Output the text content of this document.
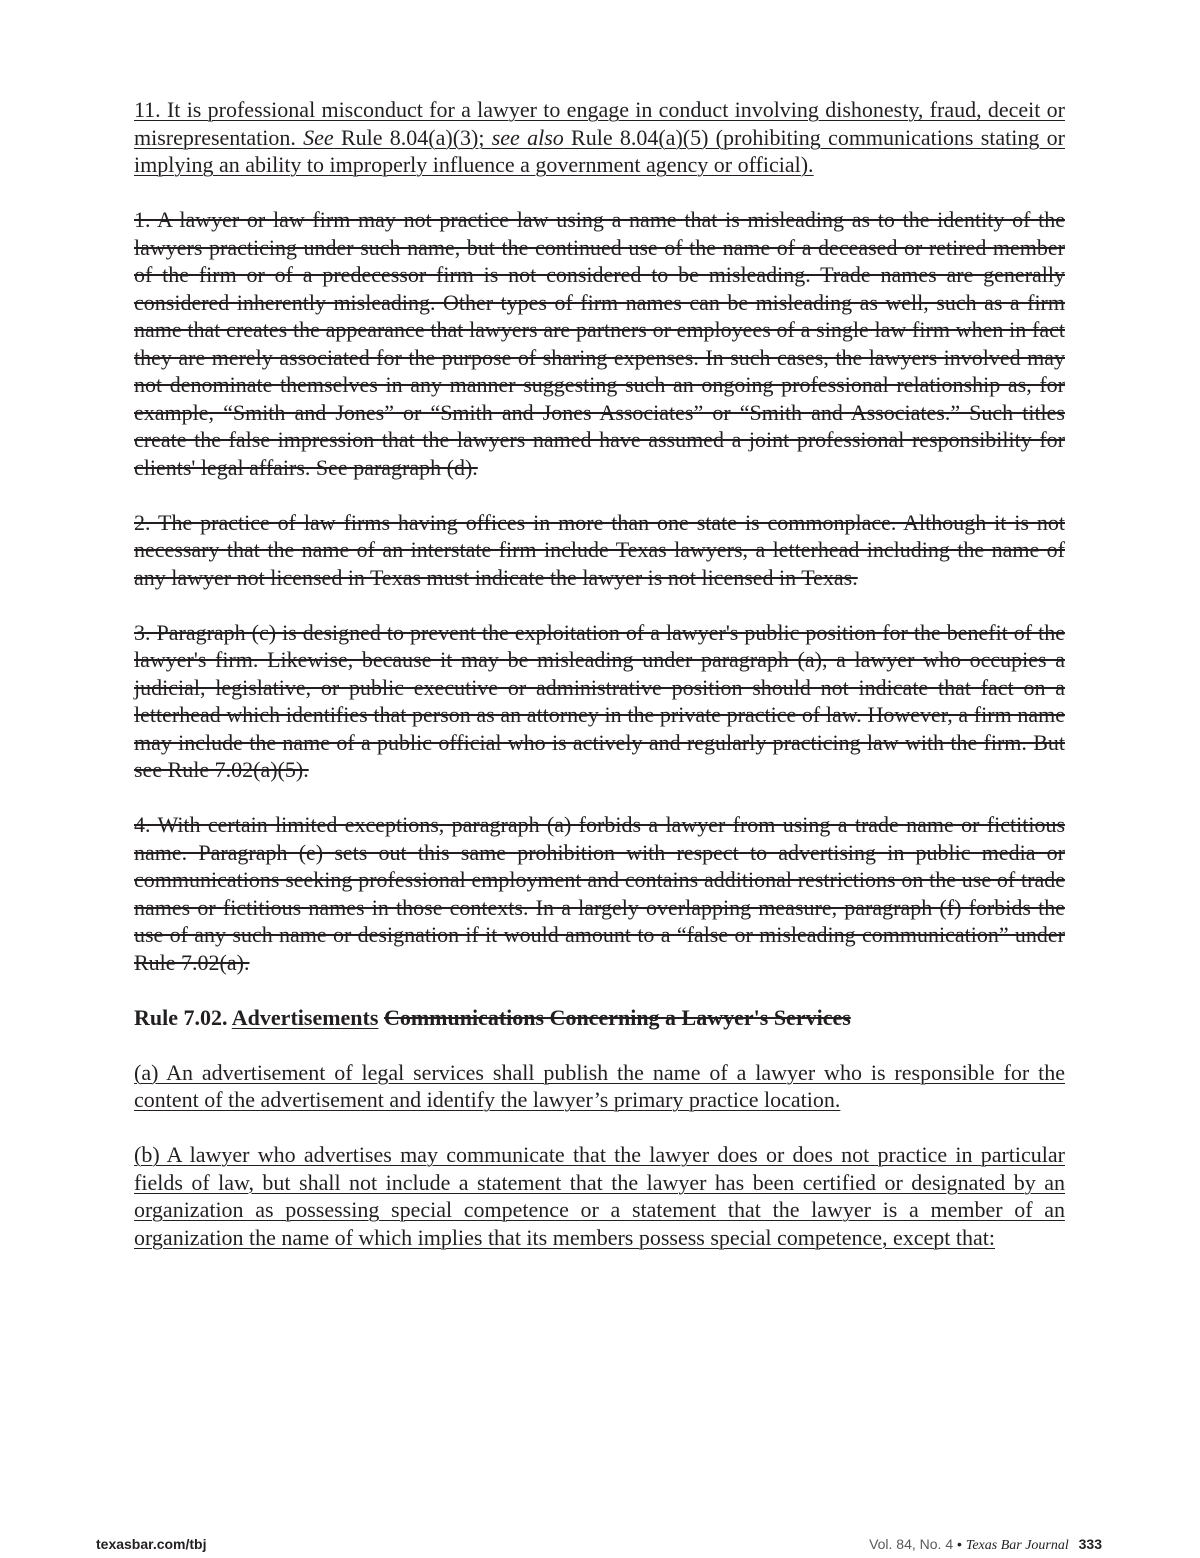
11. It is professional misconduct for a lawyer to engage in conduct involving dishonesty, fraud, deceit or misrepresentation. See Rule 8.04(a)(3); see also Rule 8.04(a)(5) (prohibiting communications stating or implying an ability to improperly influence a government agency or official).

1. A lawyer or law firm may not practice law using a name that is misleading as to the identity of the lawyers practicing under such name, but the continued use of the name of a deceased or retired member of the firm or of a predecessor firm is not considered to be misleading. Trade names are generally considered inherently misleading. Other types of firm names can be misleading as well, such as a firm name that creates the appearance that lawyers are partners or employees of a single law firm when in fact they are merely associated for the purpose of sharing expenses. In such cases, the lawyers involved may not denominate themselves in any manner suggesting such an ongoing professional relationship as, for example, “Smith and Jones” or “Smith and Jones Associates” or “Smith and Associates.” Such titles create the false impression that the lawyers named have assumed a joint professional responsibility for clients' legal affairs. See paragraph (d).

2. The practice of law firms having offices in more than one state is commonplace. Although it is not necessary that the name of an interstate firm include Texas lawyers, a letterhead including the name of any lawyer not licensed in Texas must indicate the lawyer is not licensed in Texas.

3. Paragraph (c) is designed to prevent the exploitation of a lawyer's public position for the benefit of the lawyer's firm. Likewise, because it may be misleading under paragraph (a), a lawyer who occupies a judicial, legislative, or public executive or administrative position should not indicate that fact on a letterhead which identifies that person as an attorney in the private practice of law. However, a firm name may include the name of a public official who is actively and regularly practicing law with the firm. But see Rule 7.02(a)(5).

4. With certain limited exceptions, paragraph (a) forbids a lawyer from using a trade name or fictitious name. Paragraph (e) sets out this same prohibition with respect to advertising in public media or communications seeking professional employment and contains additional restrictions on the use of trade names or fictitious names in those contexts. In a largely overlapping measure, paragraph (f) forbids the use of any such name or designation if it would amount to a “false or misleading communication” under Rule 7.02(a).

Rule 7.02. Advertisements Communications Concerning a Lawyer's Services

(a) An advertisement of legal services shall publish the name of a lawyer who is responsible for the content of the advertisement and identify the lawyer’s primary practice location.

(b) A lawyer who advertises may communicate that the lawyer does or does not practice in particular fields of law, but shall not include a statement that the lawyer has been certified or designated by an organization as possessing special competence or a statement that the lawyer is a member of an organization the name of which implies that its members possess special competence, except that:

texasbar.com/tbj	Vol. 84, No. 4 • Texas Bar Journal 333
